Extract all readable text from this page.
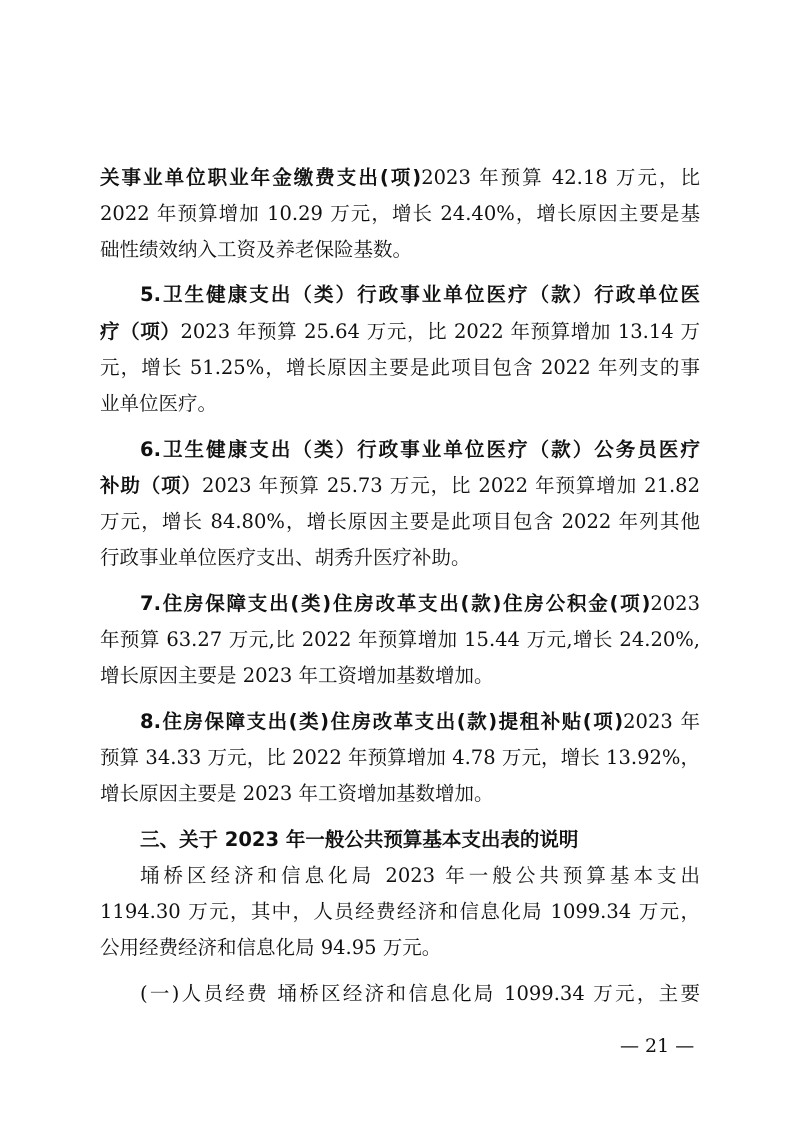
关事业单位职业年金缴费支出(项)2023 年预算 42.18 万元，比

2022 年预算增加 10.29 万元，增长 24.40%，增长原因主要是基

础性绩效纳入工资及养老保险基数。

5.卫生健康支出（类）行政事业单位医疗（款）行政单位医

疗（项）2023 年预算 25.64 万元，比 2022 年预算增加 13.14 万

元，增长 51.25%，增长原因主要是此项目包含 2022 年列支的事

业单位医疗。

6.卫生健康支出（类）行政事业单位医疗（款）公务员医疗

补助（项）2023 年预算 25.73 万元，比 2022 年预算增加 21.82

万元，增长 84.80%，增长原因主要是此项目包含 2022 年列其他

行政事业单位医疗支出、胡秀升医疗补助。

7.住房保障支出(类)住房改革支出(款)住房公积金(项)2023

年预算 63.27 万元,比 2022 年预算增加 15.44 万元,增长 24.20%,

增长原因主要是 2023 年工资增加基数增加。

8.住房保障支出(类)住房改革支出(款)提租补贴(项)2023 年

预算 34.33 万元，比 2022 年预算增加 4.78 万元，增长 13.92%，

增长原因主要是 2023 年工资增加基数增加。

三、关于 2023 年一般公共预算基本支出表的说明

埇桥区经济和信息化局 2023 年一般公共预算基本支出

1194.30 万元，其中，人员经费经济和信息化局 1099.34 万元，

公用经费经济和信息化局 94.95 万元。

(一)人员经费 埇桥区经济和信息化局 1099.34 万元，主要

— 21 —
